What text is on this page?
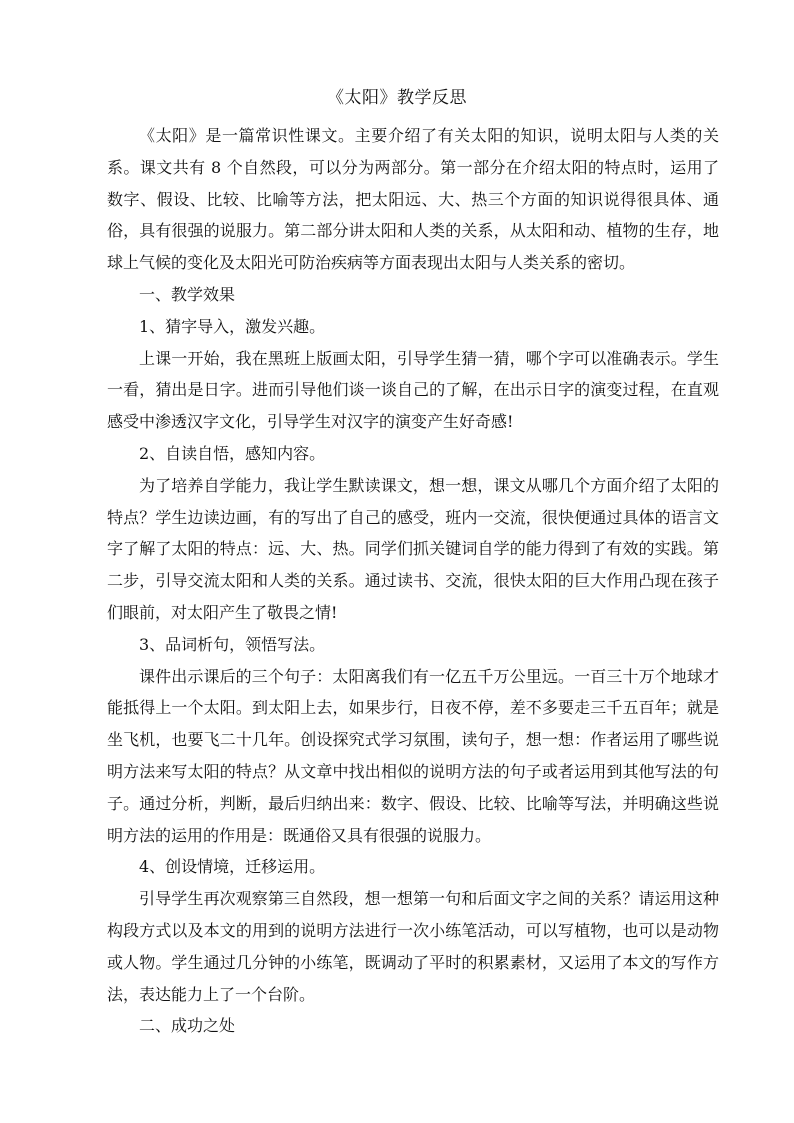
《太阳》教学反思

《太阳》是一篇常识性课文。主要介绍了有关太阳的知识，说明太阳与人类的关系。课文共有 8 个自然段，可以分为两部分。第一部分在介绍太阳的特点时，运用了数字、假设、比较、比喻等方法，把太阳远、大、热三个方面的知识说得很具体、通俗，具有很强的说服力。第二部分讲太阳和人类的关系，从太阳和动、植物的生存，地球上气候的变化及太阳光可防治疾病等方面表现出太阳与人类关系的密切。

一、教学效果

1、猜字导入，激发兴趣。

上课一开始，我在黑班上版画太阳，引导学生猜一猜，哪个字可以准确表示。学生一看，猜出是日字。进而引导他们谈一谈自己的了解，在出示日字的演变过程，在直观感受中渗透汉字文化，引导学生对汉字的演变产生好奇感!

2、自读自悟，感知内容。

为了培养自学能力，我让学生默读课文，想一想，课文从哪几个方面介绍了太阳的特点？学生边读边画，有的写出了自己的感受，班内一交流，很快便通过具体的语言文字了解了太阳的特点：远、大、热。同学们抓关键词自学的能力得到了有效的实践。第二步，引导交流太阳和人类的关系。通过读书、交流，很快太阳的巨大作用凸现在孩子们眼前，对太阳产生了敬畏之情!

3、品词析句，领悟写法。

课件出示课后的三个句子：太阳离我们有一亿五千万公里远。一百三十万个地球才能抵得上一个太阳。到太阳上去，如果步行，日夜不停，差不多要走三千五百年；就是坐飞机，也要飞二十几年。创设探究式学习氛围，读句子，想一想：作者运用了哪些说明方法来写太阳的特点？从文章中找出相似的说明方法的句子或者运用到其他写法的句子。通过分析，判断，最后归纳出来：数字、假设、比较、比喻等写法，并明确这些说明方法的运用的作用是：既通俗又具有很强的说服力。

4、创设情境，迁移运用。

引导学生再次观察第三自然段，想一想第一句和后面文字之间的关系？请运用这种构段方式以及本文的用到的说明方法进行一次小练笔活动，可以写植物，也可以是动物或人物。学生通过几分钟的小练笔，既调动了平时的积累素材，又运用了本文的写作方法，表达能力上了一个台阶。

二、成功之处
